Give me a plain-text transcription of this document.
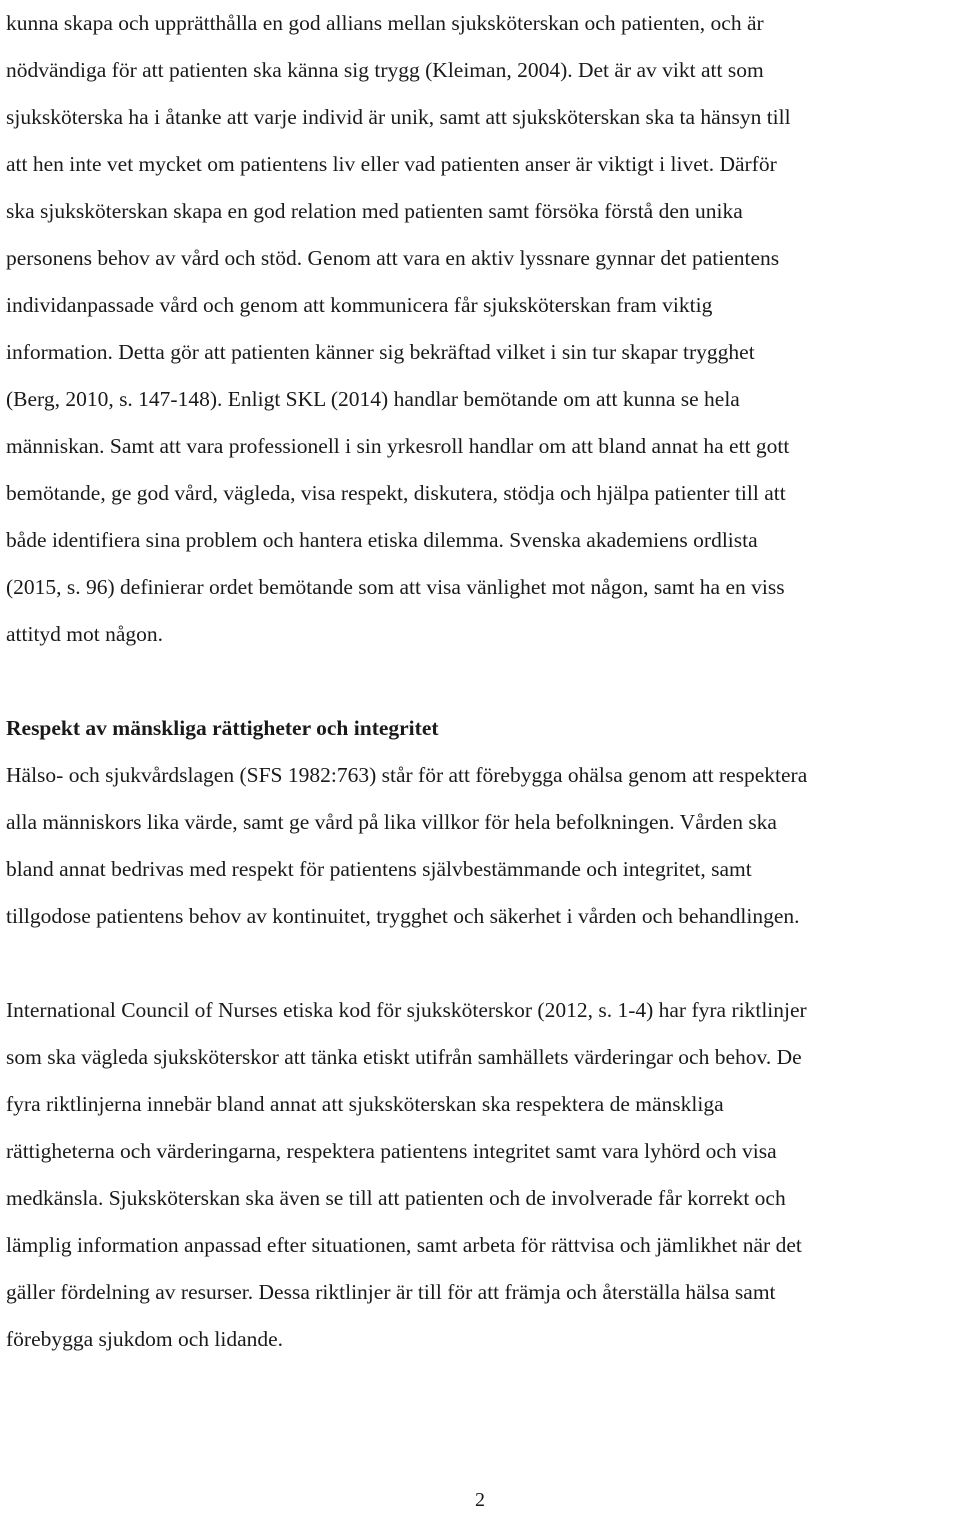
kunna skapa och upprätthålla en god allians mellan sjuksköterskan och patienten, och är
nödvändiga för att patienten ska känna sig trygg (Kleiman, 2004). Det är av vikt att som
sjuksköterska ha i åtanke att varje individ är unik, samt att sjuksköterskan ska ta hänsyn till
att hen inte vet mycket om patientens liv eller vad patienten anser är viktigt i livet. Därför
ska sjuksköterskan skapa en god relation med patienten samt försöka förstå den unika
personens behov av vård och stöd. Genom att vara en aktiv lyssnare gynnar det patientens
individanpassade vård och genom att kommunicera får sjuksköterskan fram viktig
information. Detta gör att patienten känner sig bekräftad vilket i sin tur skapar trygghet
(Berg, 2010, s. 147-148). Enligt SKL (2014) handlar bemötande om att kunna se hela
människan. Samt att vara professionell i sin yrkesroll handlar om att bland annat ha ett gott
bemötande, ge god vård, vägleda, visa respekt, diskutera, stödja och hjälpa patienter till att
både identifiera sina problem och hantera etiska dilemma. Svenska akademiens ordlista
(2015, s. 96) definierar ordet bemötande som att visa vänlighet mot någon, samt ha en viss
attityd mot någon.
Respekt av mänskliga rättigheter och integritet
Hälso- och sjukvårdslagen (SFS 1982:763) står för att förebygga ohälsa genom att respektera
alla människors lika värde, samt ge vård på lika villkor för hela befolkningen. Vården ska
bland annat bedrivas med respekt för patientens självbestämmande och integritet, samt
tillgodose patientens behov av kontinuitet, trygghet och säkerhet i vården och behandlingen.
International Council of Nurses etiska kod för sjuksköterskor (2012, s. 1-4) har fyra riktlinjer
som ska vägleda sjuksköterskor att tänka etiskt utifrån samhällets värderingar och behov. De
fyra riktlinjerna innebär bland annat att sjuksköterskan ska respektera de mänskliga
rättigheterna och värderingarna, respektera patientens integritet samt vara lyhörd och visa
medkänsla. Sjuksköterskan ska även se till att patienten och de involverade får korrekt och
lämplig information anpassad efter situationen, samt arbeta för rättvisa och jämlikhet när det
gäller fördelning av resurser. Dessa riktlinjer är till för att främja och återställa hälsa samt
förebygga sjukdom och lidande.
2
